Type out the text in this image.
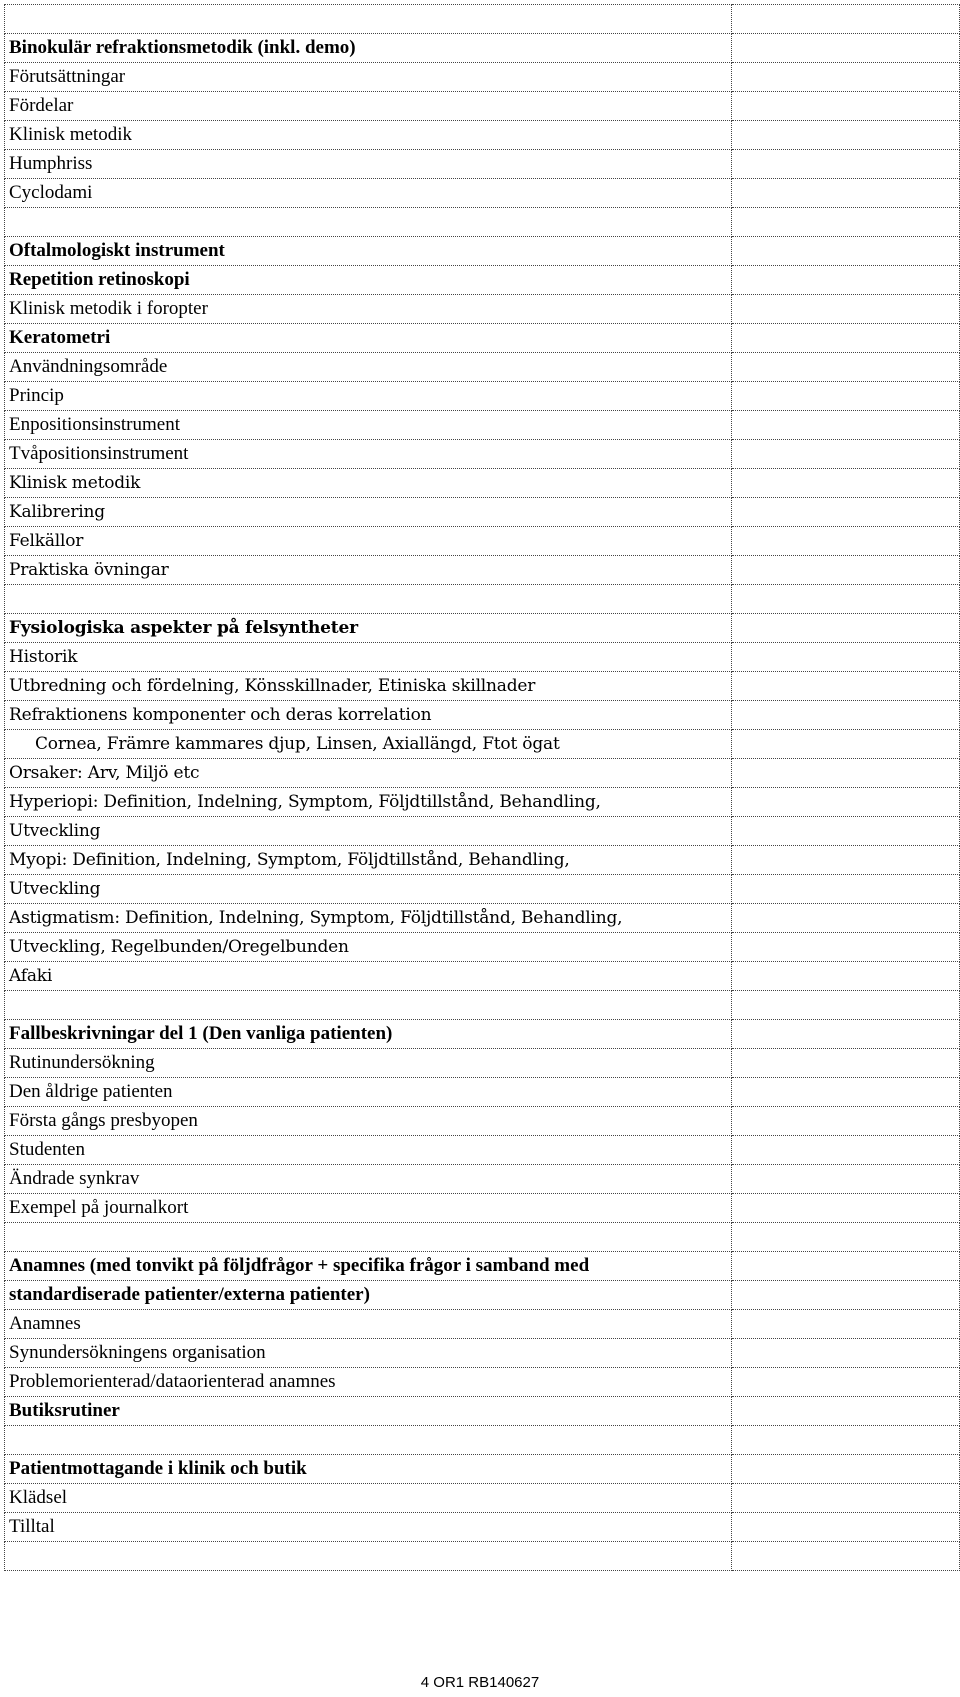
Binokulär refraktionsmetodik (inkl. demo)	
Förutsättningar	
Fördelar	
Klinisk metodik	
Humphriss	
Cyclodami	

Oftalmologiskt instrument	
Repetition retinoskopi	
Klinisk metodik i foropter	
Keratometri	
Användningsområde	
Princip	
Enpositionsinstrument	
Tvåpositionsinstrument	
Klinisk metodik	
Kalibrering	
Felkällor	
Praktiska övningar	

Fysiologiska aspekter på felsyntheter	
Historik	
Utbredning och fördelning, Könsskillnader, Etiniska skillnader	
Refraktionens komponenter och deras korrelation	
Cornea, Främre kammares djup, Linsen, Axiallängd, Ftot ögat	
Orsaker: Arv, Miljö etc	
Hyperiopi: Definition, Indelning, Symptom, Följdtillstånd, Behandling,	
Utveckling	
Myopi: Definition, Indelning, Symptom, Följdtillstånd, Behandling,	
Utveckling	
Astigmatism: Definition, Indelning, Symptom, Följdtillstånd, Behandling,	
Utveckling, Regelbunden/Oregelbunden	
Afaki	

Fallbeskrivningar del 1 (Den vanliga patienten)	
Rutinundersökning	
Den åldrige patienten	
Första gångs presbyopen	
Studenten	
Ändrade synkrav	
Exempel på journalkort	

Anamnes (med tonvikt på följdfrågor + specifika frågor i samband med	
standardiserade patienter/externa patienter)	
Anamnes	
Synundersökningens organisation	
Problemorienterad/dataorienterad anamnes	
Butiksrutiner	

Patientmottagande i klinik och butik	
Klädsel	
Tilltal	

4 OR1 RB140627
